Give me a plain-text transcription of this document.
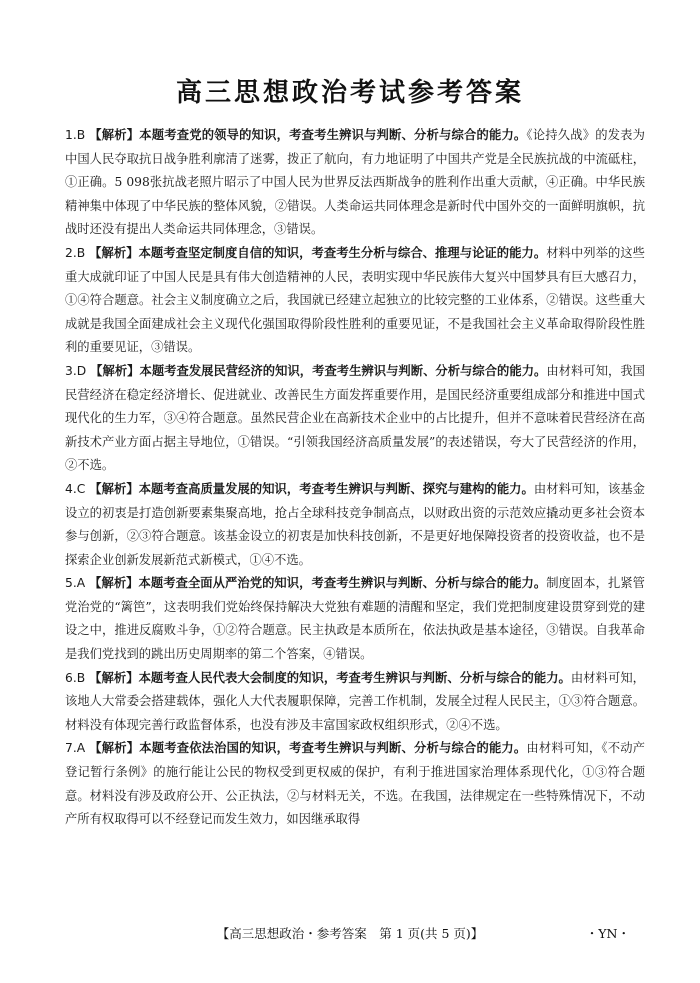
高三思想政治考试参考答案

1.B 【解析】本题考查党的领导的知识，考查考生辨识与判断、分析与综合的能力。《论持久战》的发表为中国人民夺取抗日战争胜利廓清了迷雾，拨正了航向，有力地证明了中国共产党是全民族抗战的中流砥柱，①正确。5 098张抗战老照片昭示了中国人民为世界反法西斯战争的胜利作出重大贡献，④正确。中华民族精神集中体现了中华民族的整体风貌，②错误。人类命运共同体理念是新时代中国外交的一面鲜明旗帜，抗战时还没有提出人类命运共同体理念，③错误。

2.B 【解析】本题考查坚定制度自信的知识，考查考生分析与综合、推理与论证的能力。材料中列举的这些重大成就印证了中国人民是具有伟大创造精神的人民，表明实现中华民族伟大复兴中国梦具有巨大感召力，①④符合题意。社会主义制度确立之后，我国就已经建立起独立的比较完整的工业体系，②错误。这些重大成就是我国全面建成社会主义现代化强国取得阶段性胜利的重要见证，不是我国社会主义革命取得阶段性胜利的重要见证，③错误。

3.D 【解析】本题考查发展民营经济的知识，考查考生辨识与判断、分析与综合的能力。由材料可知，我国民营经济在稳定经济增长、促进就业、改善民生方面发挥重要作用，是国民经济重要组成部分和推进中国式现代化的生力军，③④符合题意。虽然民营企业在高新技术企业中的占比提升，但并不意味着民营经济在高新技术产业方面占据主导地位，①错误。“引领我国经济高质量发展”的表述错误，夸大了民营经济的作用，②不选。

4.C 【解析】本题考查高质量发展的知识，考查考生辨识与判断、探究与建构的能力。由材料可知，该基金设立的初衷是打造创新要素集聚高地，抢占全球科技竞争制高点，以财政出资的示范效应撬动更多社会资本参与创新，②③符合题意。该基金设立的初衷是加快科技创新，不是更好地保障投资者的投资收益，也不是探索企业创新发展新范式新模式，①④不选。

5.A 【解析】本题考查全面从严治党的知识，考查考生辨识与判断、分析与综合的能力。制度固本，扎紧管党治党的“篱笆”，这表明我们党始终保持解决大党独有难题的清醒和坚定，我们党把制度建设贯穿到党的建设之中，推进反腐败斗争，①②符合题意。民主执政是本质所在，依法执政是基本途径，③错误。自我革命是我们党找到的跳出历史周期率的第二个答案，④错误。

6.B 【解析】本题考查人民代表大会制度的知识，考查考生辨识与判断、分析与综合的能力。由材料可知，该地人大常委会搭建载体，强化人大代表履职保障，完善工作机制，发展全过程人民民主，①③符合题意。材料没有体现完善行政监督体系，也没有涉及丰富国家政权组织形式，②④不选。

7.A 【解析】本题考查依法治国的知识，考查考生辨识与判断、分析与综合的能力。由材料可知，《不动产登记暂行条例》的施行能让公民的物权受到更权威的保护，有利于推进国家治理体系现代化，①③符合题意。材料没有涉及政府公开、公正执法，②与材料无关，不选。在我国，法律规定在一些特殊情况下，不动产所有权取得可以不经登记而发生效力，如因继承取得

【高三思想政治・参考答案　第 1 页(共 5 页)】	・YN・
